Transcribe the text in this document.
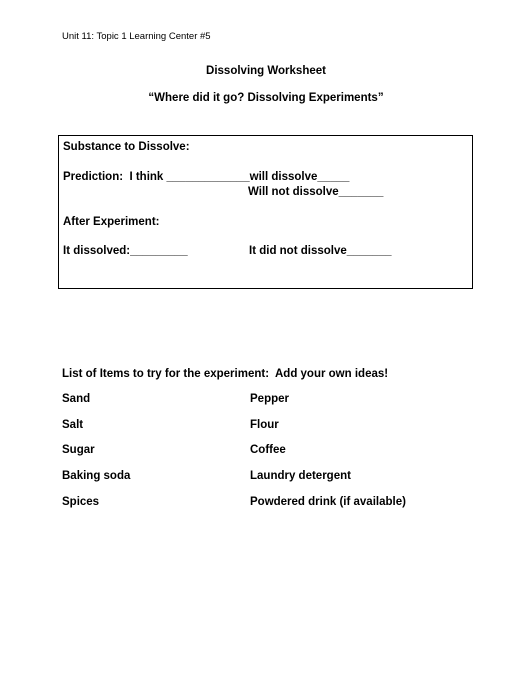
Unit 11: Topic 1 Learning Center #5
Dissolving Worksheet
“Where did it go? Dissolving Experiments”
Substance to Dissolve:
Prediction:  I think _____________will dissolve_____
Will not dissolve_______
After Experiment:
It dissolved:_________	It did not dissolve_______
List of Items to try for the experiment:  Add your own ideas!
Sand
Salt
Sugar
Baking soda
Spices
Pepper
Flour
Coffee
Laundry detergent
Powdered drink (if available)
